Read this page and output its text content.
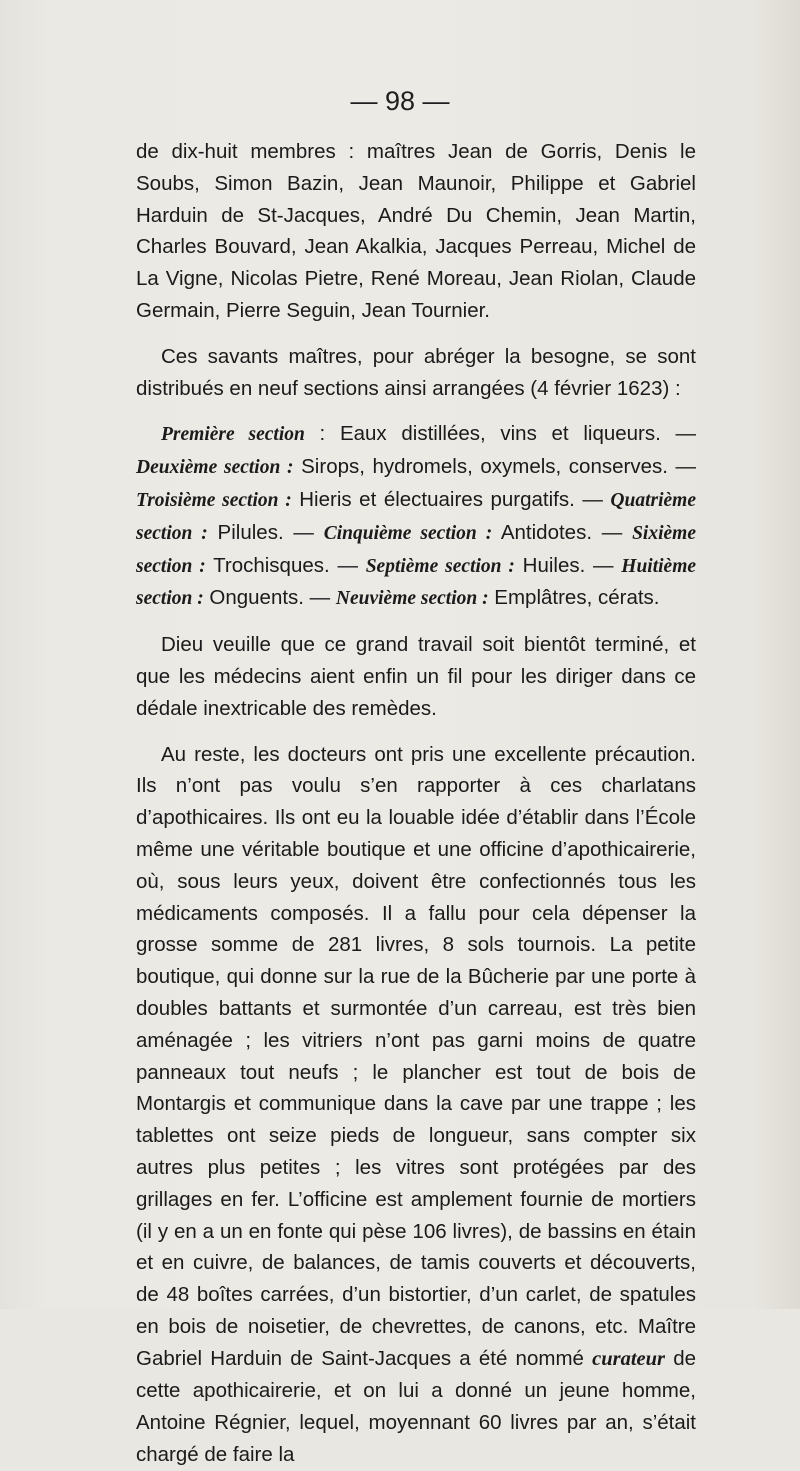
— 98 —

de dix-huit membres : maîtres Jean de Gorris, Denis le Soubs, Simon Bazin, Jean Maunoir, Philippe et Gabriel Harduin de St-Jacques, André Du Chemin, Jean Martin, Charles Bouvard, Jean Akalkia, Jacques Perreau, Michel de La Vigne, Nicolas Pietre, René Moreau, Jean Riolan, Claude Germain, Pierre Seguin, Jean Tournier.

Ces savants maîtres, pour abréger la besogne, se sont distribués en neuf sections ainsi arrangées (4 février 1623) :

Première section : Eaux distillées, vins et liqueurs. —Deuxième section : Sirops, hydromels, oxymels, conserves. — Troisième section : Hieris et électuaires purgatifs. — Quatrième section : Pilules. — Cinquième section : Antidotes. — Sixième section : Trochisques. — Septième section : Huiles. — Huitième section : Onguents. — Neuvième section : Emplâtres, cérats.

Dieu veuille que ce grand travail soit bientôt terminé, et que les médecins aient enfin un fil pour les diriger dans ce dédale inextricable des remèdes.

Au reste, les docteurs ont pris une excellente précaution. Ils n’ont pas voulu s’en rapporter à ces charlatans d’apothicaires. Ils ont eu la louable idée d’établir dans l’École même une véritable boutique et une officine d’apothicairerie, où, sous leurs yeux, doivent être confectionnés tous les médicaments composés. Il a fallu pour cela dépenser la grosse somme de 281 livres, 8 sols tournois. La petite boutique, qui donne sur la rue de la Bûcherie par une porte à doubles battants et surmontée d’un carreau, est très bien aménagée ; les vitriers n’ont pas garni moins de quatre panneaux tout neufs ; le plancher est tout de bois de Montargis et communique dans la cave par une trappe ; les tablettes ont seize pieds de longueur, sans compter six autres plus petites ; les vitres sont protégées par des grillages en fer. L’officine est amplement fournie de mortiers (il y en a un en fonte qui pèse 106 livres), de bassins en étain et en cuivre, de balances, de tamis couverts et découverts, de 48 boîtes carrées, d’un bistortier, d’un carlet, de spatules en bois de noisetier, de chevrettes, de canons, etc. Maître Gabriel Harduin de Saint-Jacques a été nommé curateur de cette apothicairerie, et on lui a donné un jeune homme, Antoine Régnier, lequel, moyennant 60 livres par an, s’était chargé de faire la
